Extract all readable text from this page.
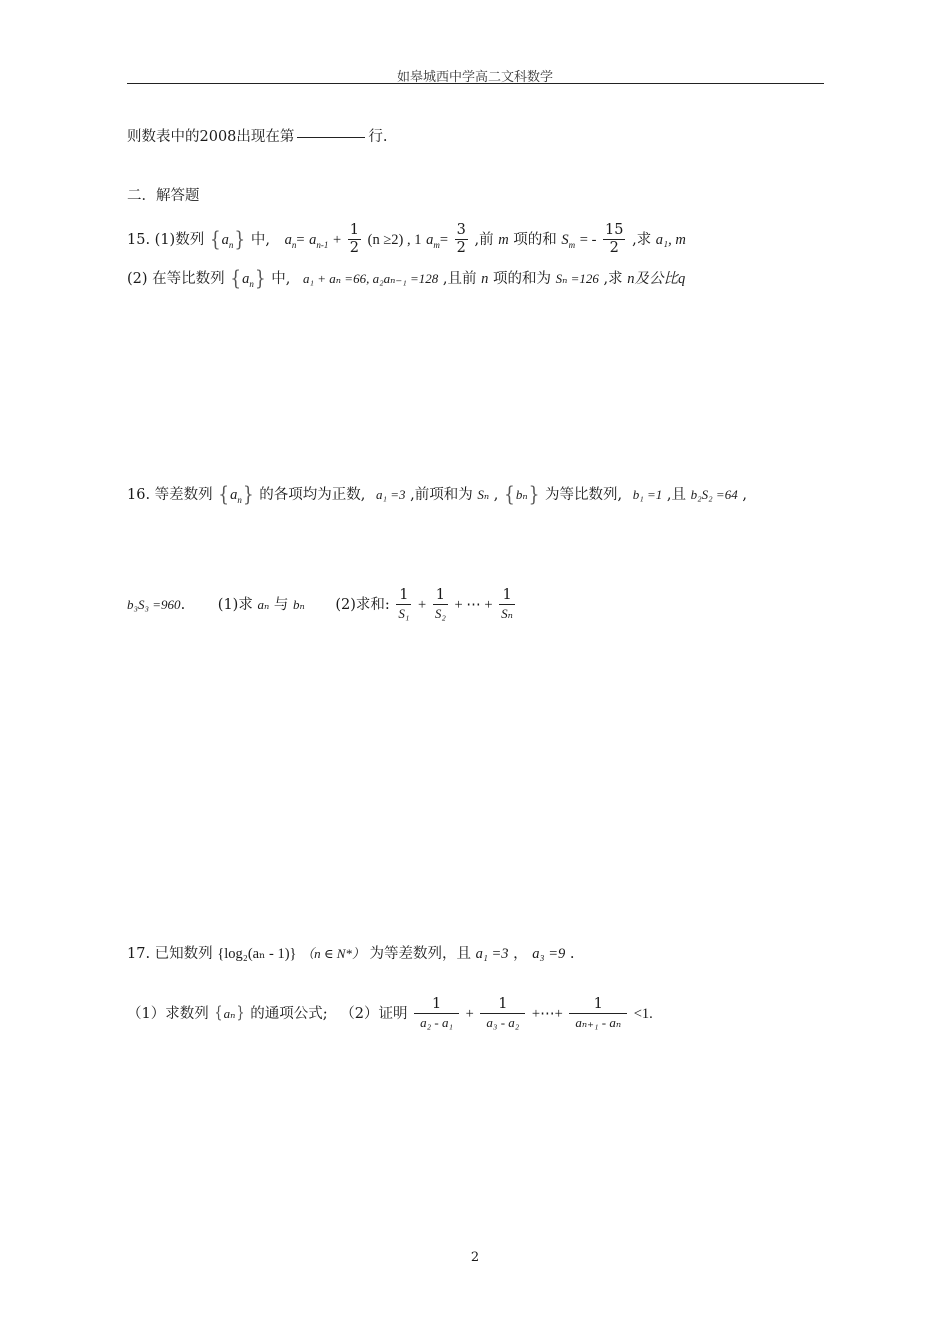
如皋城西中学高二文科数学
则数表中的2008出现在第	行.
二．解答题
15. (1)数列 $\{a_n\}$ 中, $a_n= a_{n-1} + \frac{1}{2} (n \ge 2)$ , 1 $a_m= \frac{3}{2}$ ,前 m 项的和 $S_m$ = - $\frac{15}{2}$ ,求 a₁, m
(2) 在等比数列 $\{a_n\}$ 中, a₁ + aₙ =66, a₂aₙ₋₁ =128 ,且前 n 项的和为 Sₙ =126 ,求 n及公比q
16. 等差数列 $\{a_n\}$ 的各项均为正数, a₁ =3 ,前项和为 Sₙ , {bₙ} 为等比数列, b₁ =1 ,且 b₂S₂ =64 ,
b₃S₃ =960. (1)求 aₙ 与 bₙ (2)求和: $\frac{1}{\text{S₁}} + \frac{1}{\text{S₂}}$ + ⋯ + $\frac{1}{\text{Sₙ}}$
17. 已知数列 {log₂(aₙ - 1)} （n ∈ N*） 为等差数列，且 a₁ =3 ， a₃ =9 .
（1）求数列 {aₙ} 的通项公式; （2）证明 $\frac{1}{\text{a₂ - a₁}} + \frac{1}{\text{a₃ - a₂}}$ +⋯+ $\frac{1}{\text{aₙ₊₁ - aₙ}} <1$.
2
